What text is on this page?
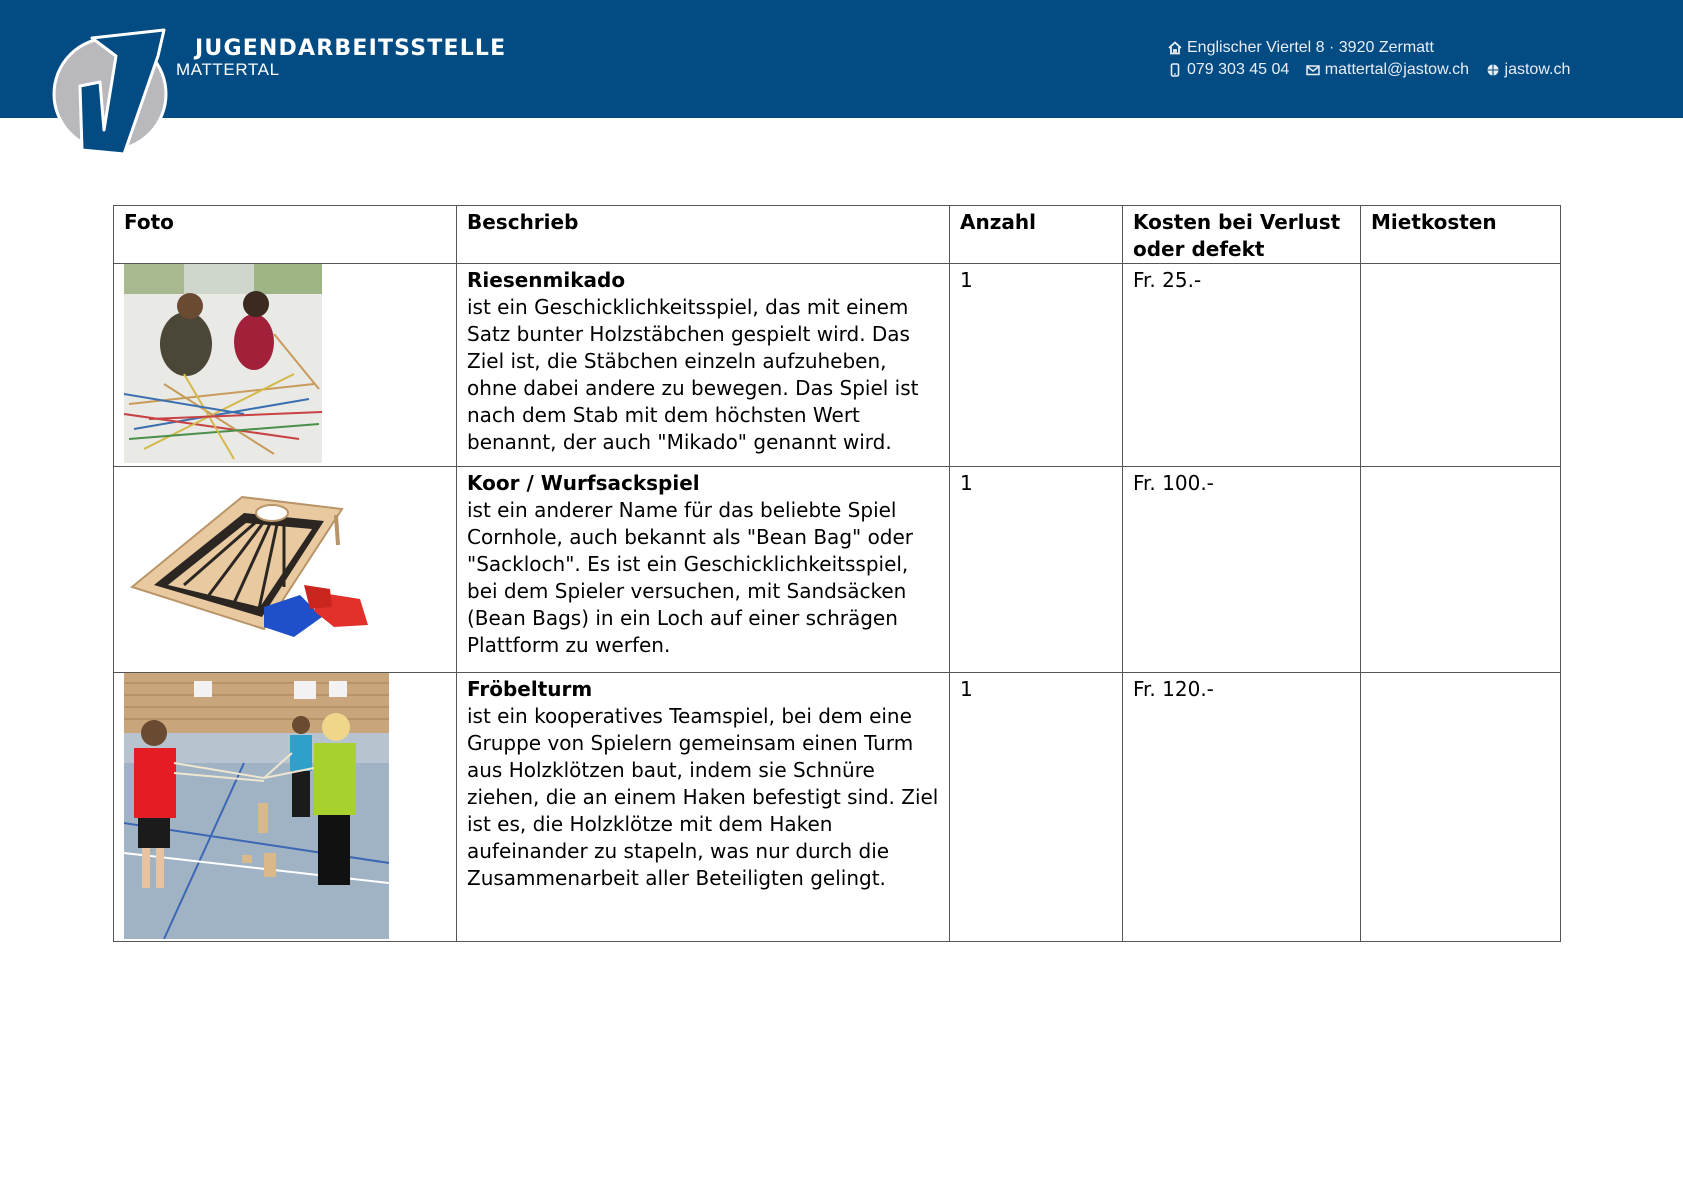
JUGENDARBEITSSTELLE
MATTERTAL
Englischer Viertel 8 · 3920 Zermatt
079 303 45 04
mattertal@jastow.ch
jastow.ch
Foto	Beschrieb	Anzahl	Kosten bei Verlust oder defekt	Mietkosten

Riesenmikado
ist ein Geschicklichkeitsspiel, das mit einem Satz bunter Holzstäbchen gespielt wird. Das Ziel ist, die Stäbchen einzeln aufzuheben, ohne dabei andere zu bewegen. Das Spiel ist nach dem Stab mit dem höchsten Wert benannt, der auch "Mikado" genannt wird.	1	Fr. 25.-	

Koor / Wurfsackspiel
ist ein anderer Name für das beliebte Spiel Cornhole, auch bekannt als "Bean Bag" oder "Sackloch". Es ist ein Geschicklichkeitsspiel, bei dem Spieler versuchen, mit Sandsäcken (Bean Bags) in ein Loch auf einer schrägen Plattform zu werfen.	1	Fr. 100.-	

Fröbelturm
ist ein kooperatives Teamspiel, bei dem eine Gruppe von Spielern gemeinsam einen Turm aus Holzklötzen baut, indem sie Schnüre ziehen, die an einem Haken befestigt sind. Ziel ist es, die Holzklötze mit dem Haken aufeinander zu stapeln, was nur durch die Zusammenarbeit aller Beteiligten gelingt.	1	Fr. 120.-	
